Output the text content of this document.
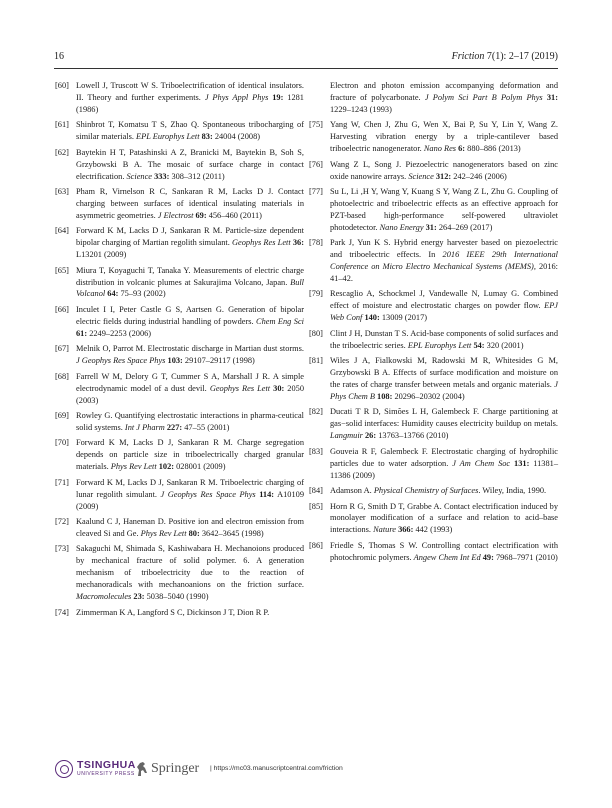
16	Friction 7(1): 2–17 (2019)
[60] Lowell J, Truscott W S. Triboelectrification of identical insulators. II. Theory and further experiments. J Phys Appl Phys 19: 1281 (1986)
[61] Shinbrot T, Komatsu T S, Zhao Q. Spontaneous tribocharging of similar materials. EPL Europhys Lett 83: 24004 (2008)
[62] Baytekin H T, Patashinski A Z, Branicki M, Baytekin B, Soh S, Grzybowski B A. The mosaic of surface charge in contact electrification. Science 333: 308–312 (2011)
[63] Pham R, Virnelson R C, Sankaran R M, Lacks D J. Contact charging between surfaces of identical insulating materials in asymmetric geometries. J Electrost 69: 456–460 (2011)
[64] Forward K M, Lacks D J, Sankaran R M. Particle-size dependent bipolar charging of Martian regolith simulant. Geophys Res Lett 36: L13201 (2009)
[65] Miura T, Koyaguchi T, Tanaka Y. Measurements of electric charge distribution in volcanic plumes at Sakurajima Volcano, Japan. Bull Volcanol 64: 75–93 (2002)
[66] Inculet I I, Peter Castle G S, Aartsen G. Generation of bipolar electric fields during industrial handling of powders. Chem Eng Sci 61: 2249–2253 (2006)
[67] Melnik O, Parrot M. Electrostatic discharge in Martian dust storms. J Geophys Res Space Phys 103: 29107–29117 (1998)
[68] Farrell W M, Delory G T, Cummer S A, Marshall J R. A simple electrodynamic model of a dust devil. Geophys Res Lett 30: 2050 (2003)
[69] Rowley G. Quantifying electrostatic interactions in pharma-ceutical solid systems. Int J Pharm 227: 47–55 (2001)
[70] Forward K M, Lacks D J, Sankaran R M. Charge segregation depends on particle size in triboelectrically charged granular materials. Phys Rev Lett 102: 028001 (2009)
[71] Forward K M, Lacks D J, Sankaran R M. Triboelectric charging of lunar regolith simulant. J Geophys Res Space Phys 114: A10109 (2009)
[72] Kaalund C J, Haneman D. Positive ion and electron emission from cleaved Si and Ge. Phys Rev Lett 80: 3642–3645 (1998)
[73] Sakaguchi M, Shimada S, Kashiwabara H. Mechanoions produced by mechanical fracture of solid polymer. 6. A generation mechanism of triboelectricity due to the reaction of mechanoradicals with mechanoanions on the friction surface. Macromolecules 23: 5038–5040 (1990)
[74] Zimmerman K A, Langford S C, Dickinson J T, Dion R P.
Electron and photon emission accompanying deformation and fracture of polycarbonate. J Polym Sci Part B Polym Phys 31: 1229–1243 (1993)
[75] Yang W, Chen J, Zhu G, Wen X, Bai P, Su Y, Lin Y, Wang Z. Harvesting vibration energy by a triple-cantilever based triboelectric nanogenerator. Nano Res 6: 880–886 (2013)
[76] Wang Z L, Song J. Piezoelectric nanogenerators based on zinc oxide nanowire arrays. Science 312: 242–246 (2006)
[77] Su L, Li ,H Y, Wang Y, Kuang S Y, Wang Z L, Zhu G. Coupling of photoelectric and triboelectric effects as an effective approach for PZT-based high-performance self-powered ultraviolet photodetector. Nano Energy 31: 264–269 (2017)
[78] Park J, Yun K S. Hybrid energy harvester based on piezoelectric and triboelectric effects. In 2016 IEEE 29th International Conference on Micro Electro Mechanical Systems (MEMS), 2016: 41–42.
[79] Rescaglio A, Schockmel J, Vandewalle N, Lumay G. Combined effect of moisture and electrostatic charges on powder flow. EPJ Web Conf 140: 13009 (2017)
[80] Clint J H, Dunstan T S. Acid-base components of solid surfaces and the triboelectric series. EPL Europhys Lett 54: 320 (2001)
[81] Wiles J A, Fialkowski M, Radowski M R, Whitesides G M, Grzybowski B A. Effects of surface modification and moisture on the rates of charge transfer between metals and organic materials. J Phys Chem B 108: 20296–20302 (2004)
[82] Ducati T R D, Simões L H, Galembeck F. Charge partitioning at gas−solid interfaces: Humidity causes electricity buildup on metals. Langmuir 26: 13763–13766 (2010)
[83] Gouveia R F, Galembeck F. Electrostatic charging of hydrophilic particles due to water adsorption. J Am Chem Soc 131: 11381–11386 (2009)
[84] Adamson A. Physical Chemistry of Surfaces. Wiley, India, 1990.
[85] Horn R G, Smith D T, Grabbe A. Contact electrification induced by monolayer modification of a surface and relation to acid–base interactions. Nature 366: 442 (1993)
[86] Friedle S, Thomas S W. Controlling contact electrification with photochromic polymers. Angew Chem Int Ed 49: 7968–7971 (2010)
TSINGHUA
UNIVERSITY PRESS Springer | https://mc03.manuscriptcentral.com/friction
